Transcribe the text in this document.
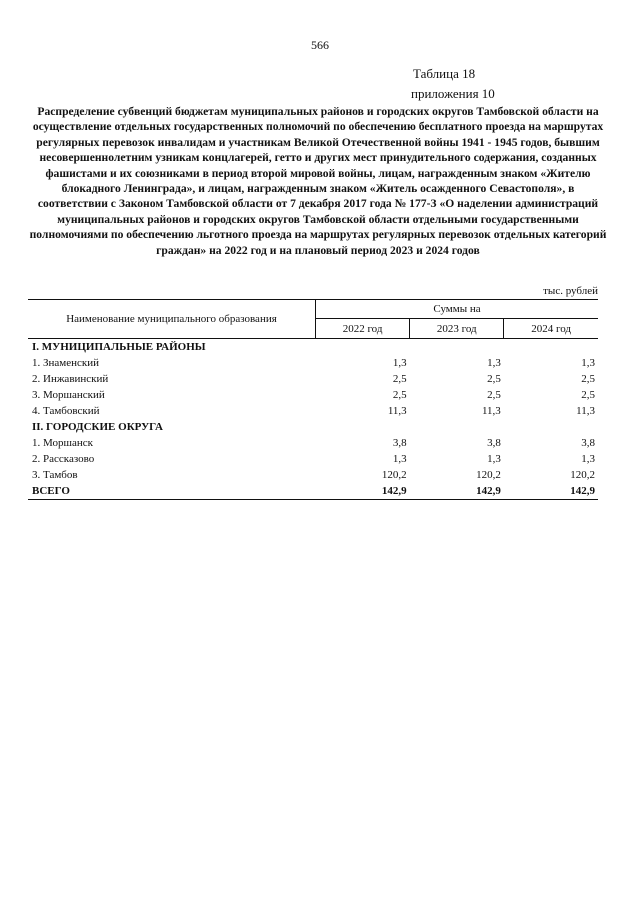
566
Таблица 18
приложения 10
Распределение субвенций бюджетам муниципальных районов и городских округов Тамбовской области на осуществление отдельных государственных полномочий по обеспечению бесплатного проезда на маршрутах регулярных перевозок инвалидам и участникам Великой Отечественной войны 1941 - 1945 годов, бывшим несовершеннолетним узникам концлагерей, гетто и других мест принудительного содержания, созданных фашистами и их союзниками в период второй мировой войны, лицам, награжденным знаком «Жителю блокадного Ленинграда», и лицам, награжденным знаком «Житель осажденного Севастополя», в соответствии с Законом Тамбовской области от 7 декабря 2017 года № 177-З «О наделении администраций муниципальных районов и городских округов Тамбовской области отдельными государственными полномочиями по обеспечению льготного проезда на маршрутах регулярных перевозок отдельных категорий граждан» на 2022 год и на плановый период 2023 и 2024 годов
тыс. рублей
Наименование муниципального образования	Суммы на		
	2022 год	2023 год	2024 год
I. МУНИЦИПАЛЬНЫЕ РАЙОНЫ			
1. Знаменский	1,3	1,3	1,3
2. Инжавинский	2,5	2,5	2,5
3. Моршанский	2,5	2,5	2,5
4. Тамбовский	11,3	11,3	11,3
II. ГОРОДСКИЕ ОКРУГА			
1. Моршанск	3,8	3,8	3,8
2. Рассказово	1,3	1,3	1,3
3. Тамбов	120,2	120,2	120,2
ВСЕГО	142,9	142,9	142,9
